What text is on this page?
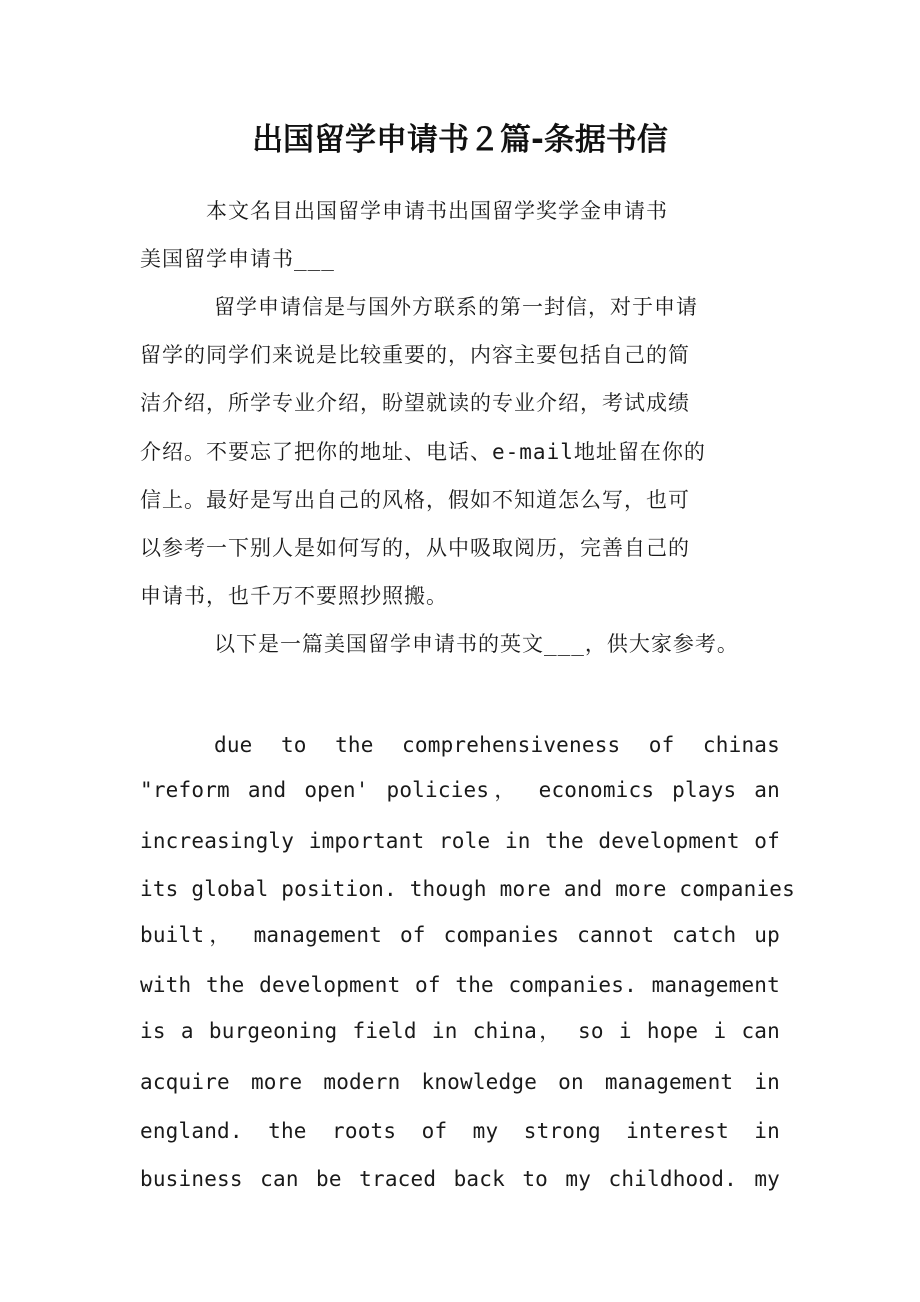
出国留学申请书２篇-条据书信

本文名目出国留学申请书出国留学奖学金申请书

美国留学申请书___

留学申请信是与国外方联系的第一封信，对于申请

留学的同学们来说是比较重要的，内容主要包括自己的简

洁介绍，所学专业介绍，盼望就读的专业介绍，考试成绩

介绍。不要忘了把你的地址、电话、e-mail地址留在你的

信上。最好是写出自己的风格，假如不知道怎么写，也可

以参考一下别人是如何写的，从中吸取阅历，完善自己的

申请书，也千万不要照抄照搬。

以下是一篇美国留学申请书的英文___，供大家参考。

due to the comprehensiveness of chinas

"reform and open' policies， economics plays an

increasingly important role in the development of

its global position. though more and more companies

built， management of companies cannot catch up

with the development of the companies. management

is a burgeoning field in china， so i hope i can

acquire more modern knowledge on management in

england. the roots of my strong interest in

business can be traced back to my childhood. my
